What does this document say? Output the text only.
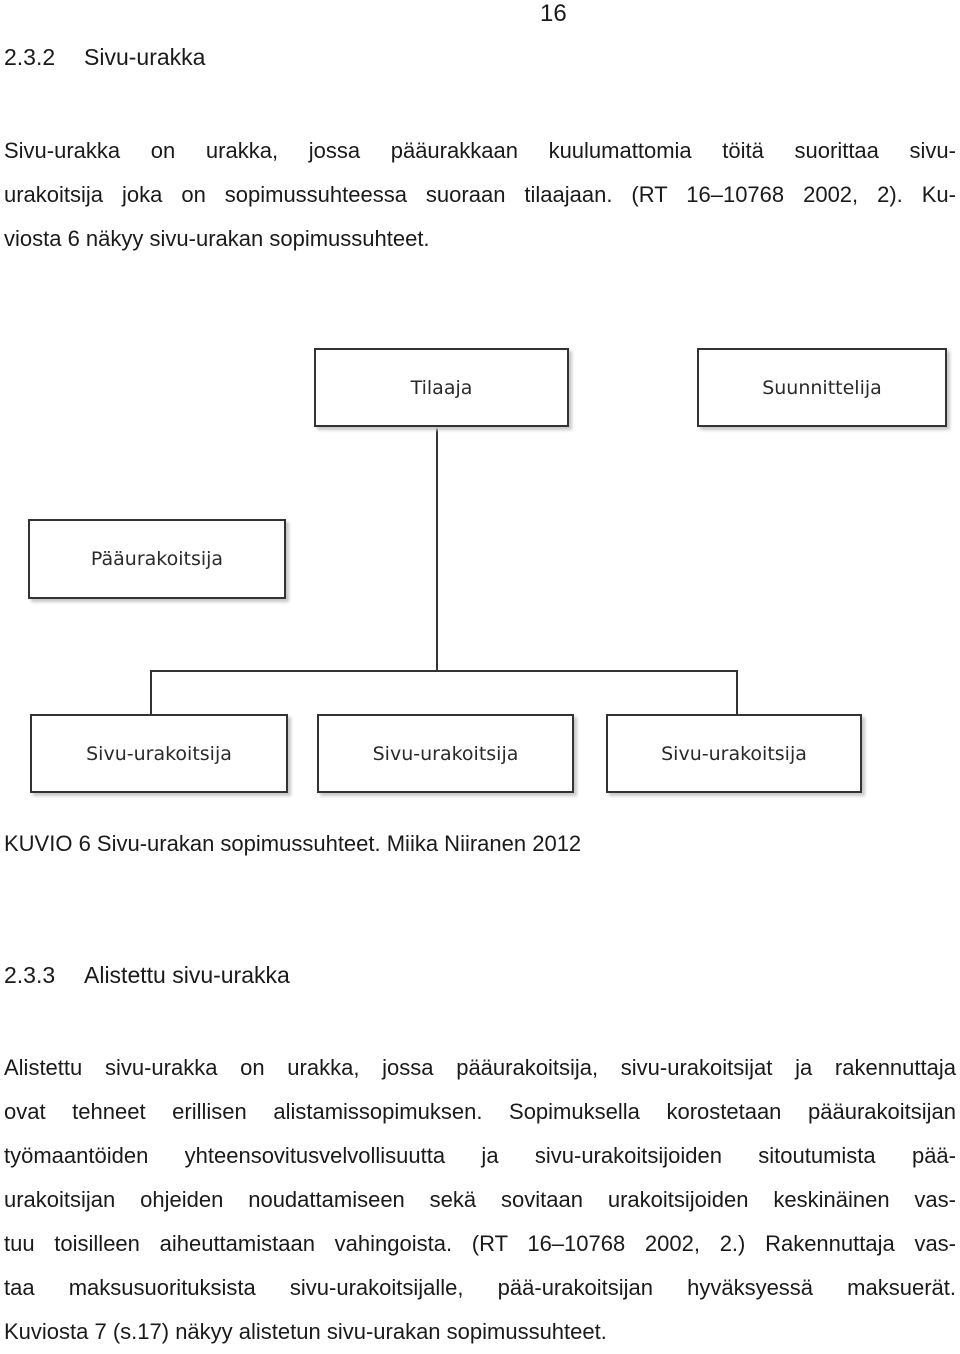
16
2.3.2 Sivu-urakka
Sivu-urakka on urakka, jossa pääurakkaan kuulumattomia töitä suorittaa sivu-
urakoitsija joka on sopimussuhteessa suoraan tilaajaan. (RT 16–10768 2002, 2). Ku-
viosta 6 näkyy sivu-urakan sopimussuhteet.
Tilaaja	Suunnittelija
Pääurakoitsija
Sivu-urakoitsija	Sivu-urakoitsija	Sivu-urakoitsija
KUVIO 6 Sivu-urakan sopimussuhteet. Miika Niiranen 2012
2.3.3 Alistettu sivu-urakka
Alistettu sivu-urakka on urakka, jossa pääurakoitsija, sivu-urakoitsijat ja rakennuttaja
ovat tehneet erillisen alistamissopimuksen. Sopimuksella korostetaan pääurakoitsijan
työmaantöiden yhteensovitusvelvollisuutta ja sivu-urakoitsijoiden sitoutumista pää-
urakoitsijan ohjeiden noudattamiseen sekä sovitaan urakoitsijoiden keskinäinen vas-
tuu toisilleen aiheuttamistaan vahingoista. (RT 16–10768 2002, 2.) Rakennuttaja vas-
taa maksusuorituksista sivu-urakoitsijalle, pää-urakoitsijan hyväksyessä maksuerät.
Kuviosta 7 (s.17) näkyy alistetun sivu-urakan sopimussuhteet.
